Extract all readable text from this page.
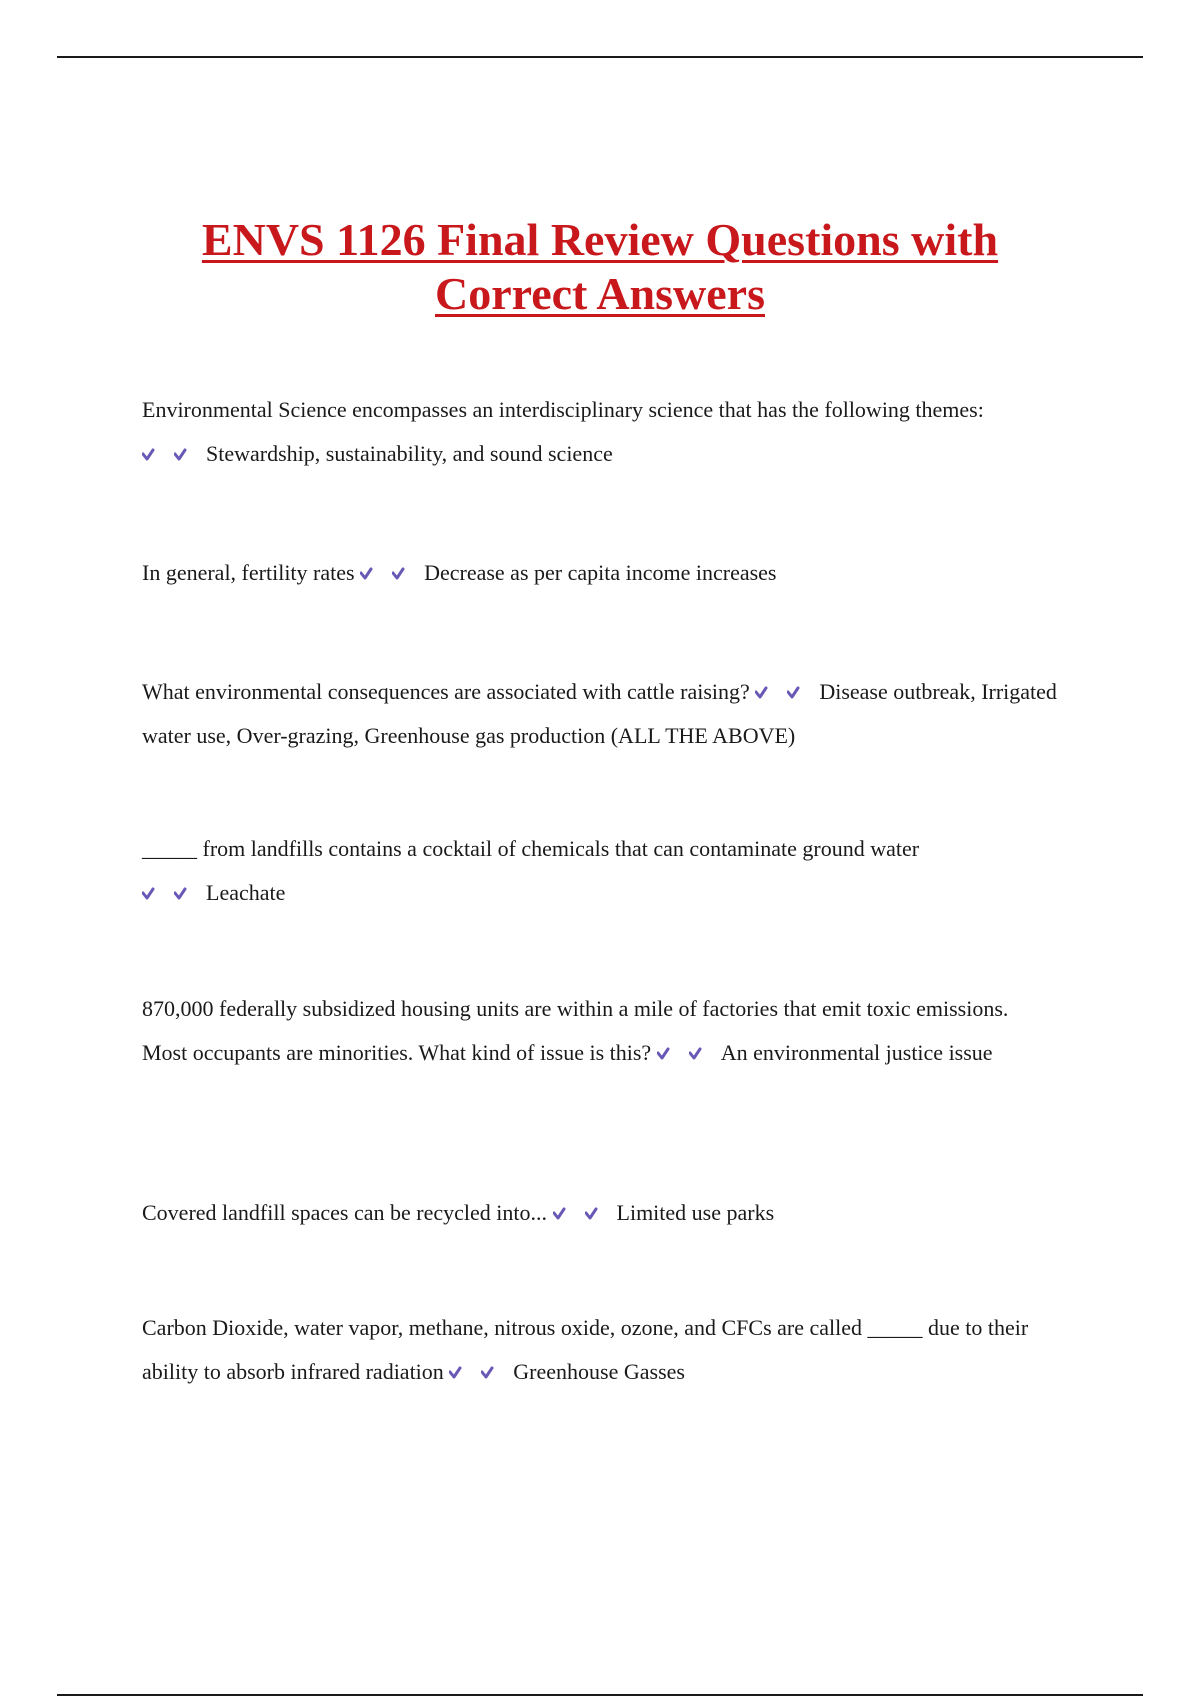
ENVS 1126 Final Review Questions with
Correct Answers

Environmental Science encompasses an interdisciplinary science that has the following themes:

Stewardship, sustainability, and sound science

In general, fertility rates	Decrease as per capita income increases

What environmental consequences are associated with cattle raising?	Disease outbreak, Irrigated water use, Over-grazing, Greenhouse gas production (ALL THE ABOVE)

_____ from landfills contains a cocktail of chemicals that can contaminate ground water

Leachate

870,000 federally subsidized housing units are within a mile of factories that emit toxic emissions. Most occupants are minorities. What kind of issue is this?	An environmental justice issue

Covered landfill spaces can be recycled into...	Limited use parks

Carbon Dioxide, water vapor, methane, nitrous oxide, ozone, and CFCs are called _____ due to their ability to absorb infrared radiation	Greenhouse Gasses
